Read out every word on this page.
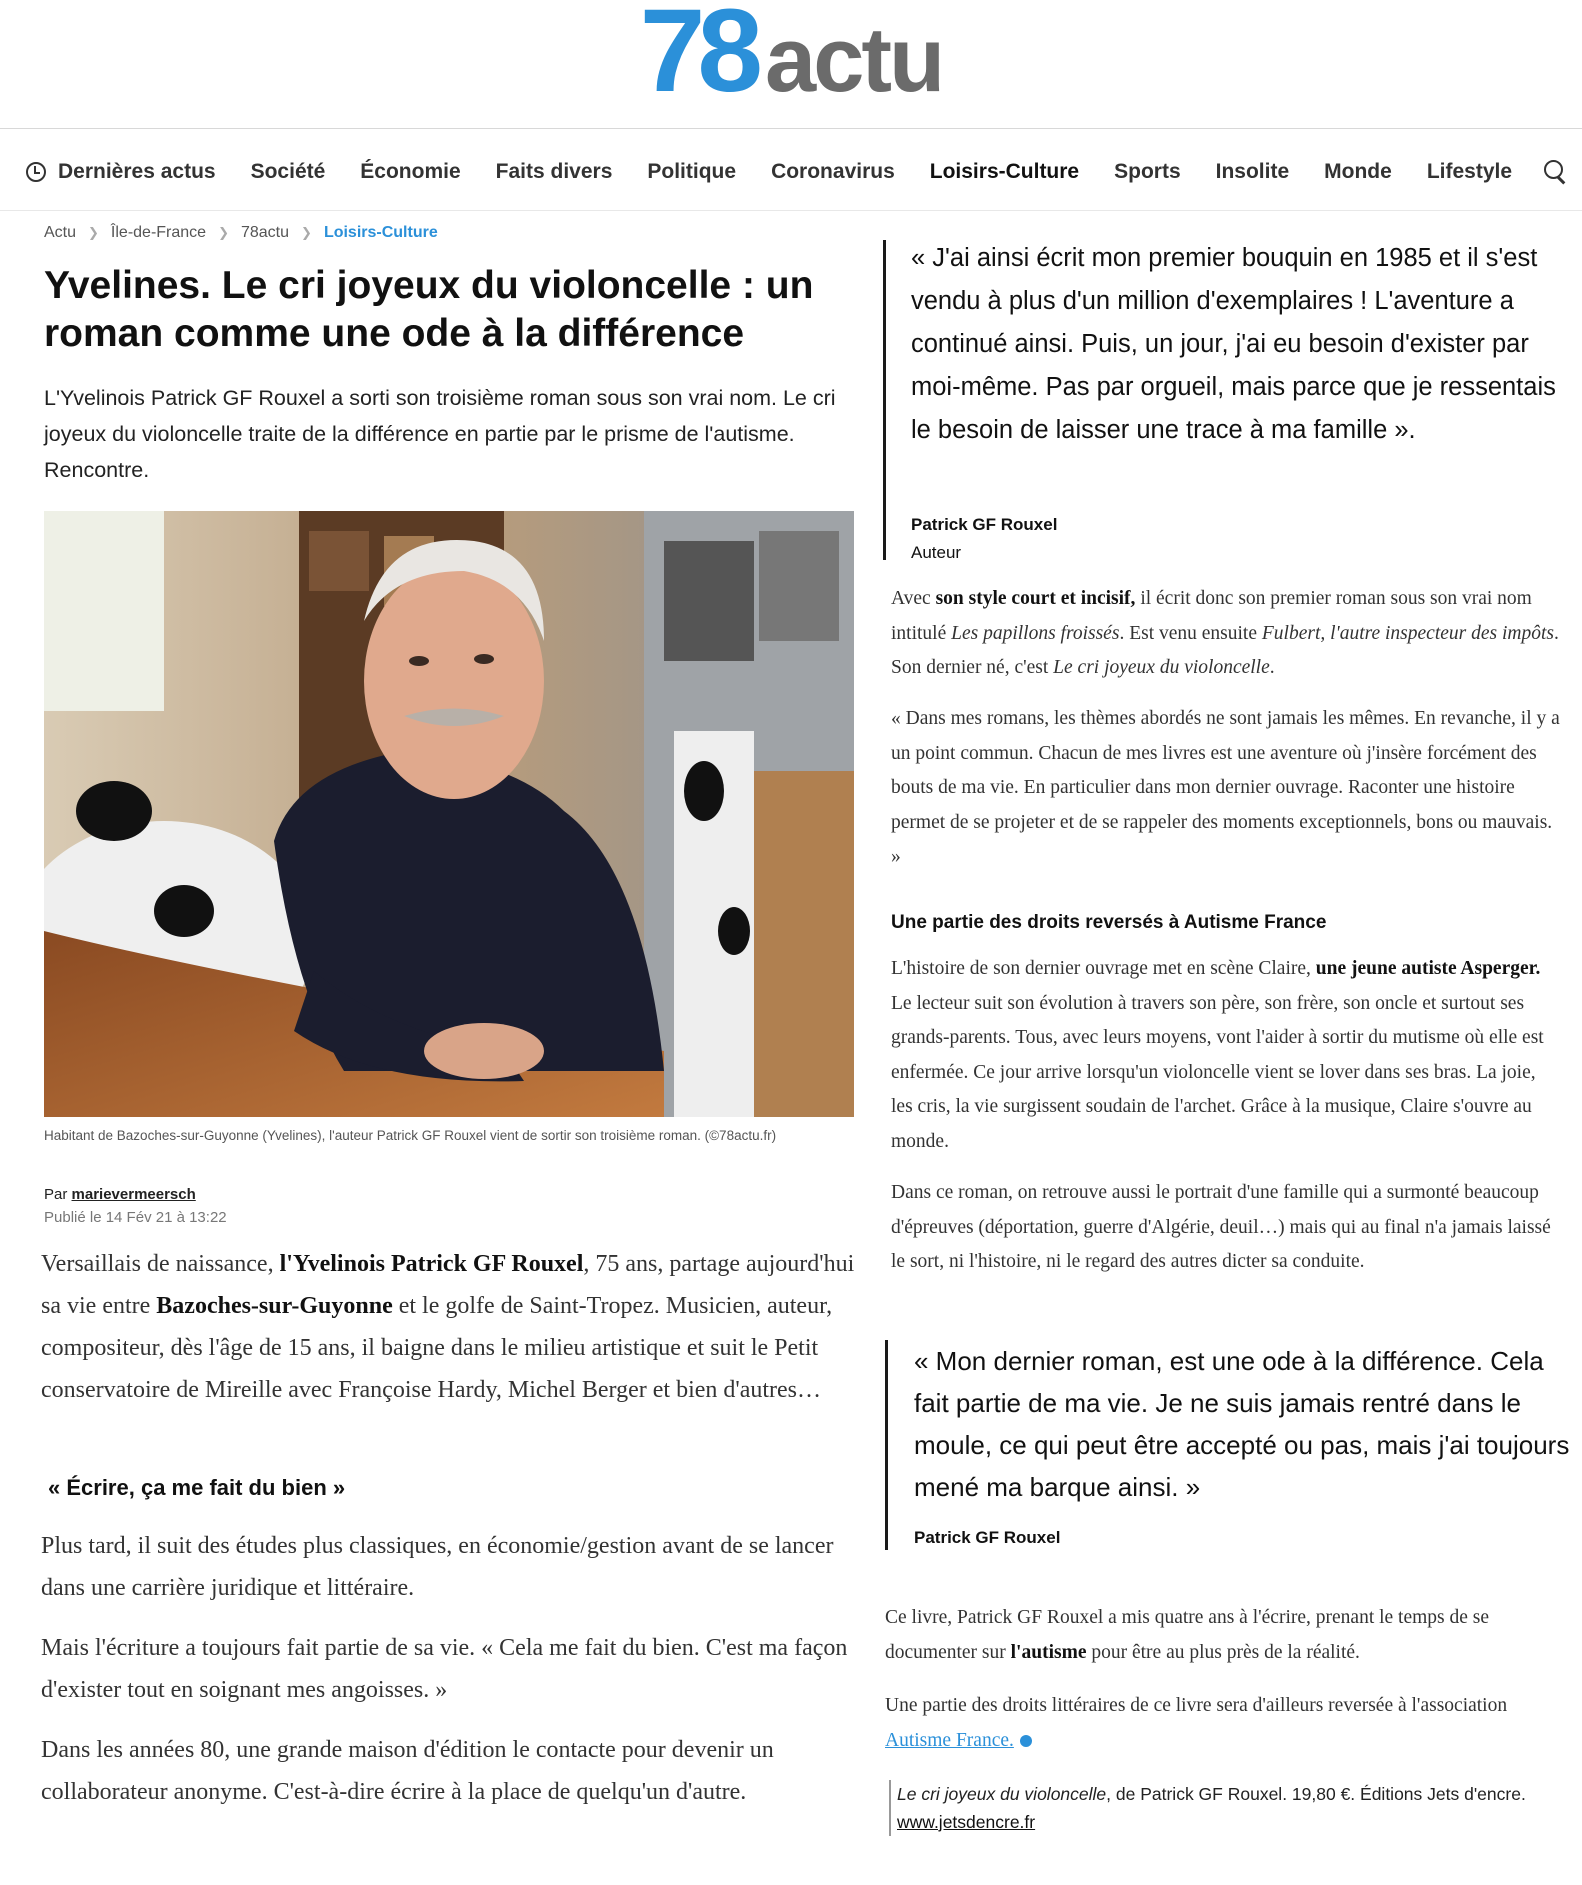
78 actu
Dernières actus Société Économie Faits divers Politique Coronavirus Loisirs-Culture Sports Insolite Monde Lifestyle
Actu ❯ Île-de-France ❯ 78actu ❯ Loisirs-Culture
Yvelines. Le cri joyeux du violoncelle : un roman comme une ode à la différence

L'Yvelinois Patrick GF Rouxel a sorti son troisième roman sous son vrai nom. Le cri joyeux du violoncelle traite de la différence en partie par le prisme de l'autisme. Rencontre.

Habitant de Bazoches-sur-Guyonne (Yvelines), l'auteur Patrick GF Rouxel vient de sortir son troisième roman. (©78actu.fr)

Par marievermeersch
Publié le 14 Fév 21 à 13:22

Versaillais de naissance, l'Yvelinois Patrick GF Rouxel, 75 ans, partage aujourd'hui sa vie entre Bazoches-sur-Guyonne et le golfe de Saint-Tropez. Musicien, auteur, compositeur, dès l'âge de 15 ans, il baigne dans le milieu artistique et suit le Petit conservatoire de Mireille avec Françoise Hardy, Michel Berger et bien d'autres…

« Écrire, ça me fait du bien »

Plus tard, il suit des études plus classiques, en économie/gestion avant de se lancer dans une carrière juridique et littéraire.

Mais l'écriture a toujours fait partie de sa vie. « Cela me fait du bien. C'est ma façon d'exister tout en soignant mes angoisses. »

Dans les années 80, une grande maison d'édition le contacte pour devenir un collaborateur anonyme. C'est-à-dire écrire à la place de quelqu'un d'autre.

« J'ai ainsi écrit mon premier bouquin en 1985 et il s'est vendu à plus d'un million d'exemplaires ! L'aventure a continué ainsi. Puis, un jour, j'ai eu besoin d'exister par moi-même. Pas par orgueil, mais parce que je ressentais le besoin de laisser une trace à ma famille ».
Patrick GF Rouxel
Auteur

Avec son style court et incisif, il écrit donc son premier roman sous son vrai nom intitulé Les papillons froissés. Est venu ensuite Fulbert, l'autre inspecteur des impôts. Son dernier né, c'est Le cri joyeux du violoncelle.

« Dans mes romans, les thèmes abordés ne sont jamais les mêmes. En revanche, il y a un point commun. Chacun de mes livres est une aventure où j'insère forcément des bouts de ma vie. En particulier dans mon dernier ouvrage. Raconter une histoire permet de se projeter et de se rappeler des moments exceptionnels, bons ou mauvais. »

Une partie des droits reversés à Autisme France

L'histoire de son dernier ouvrage met en scène Claire, une jeune autiste Asperger. Le lecteur suit son évolution à travers son père, son frère, son oncle et surtout ses grands-parents. Tous, avec leurs moyens, vont l'aider à sortir du mutisme où elle est enfermée. Ce jour arrive lorsqu'un violoncelle vient se lover dans ses bras. La joie, les cris, la vie surgissent soudain de l'archet. Grâce à la musique, Claire s'ouvre au monde.

Dans ce roman, on retrouve aussi le portrait d'une famille qui a surmonté beaucoup d'épreuves (déportation, guerre d'Algérie, deuil…) mais qui au final n'a jamais laissé le sort, ni l'histoire, ni le regard des autres dicter sa conduite.

« Mon dernier roman, est une ode à la différence. Cela fait partie de ma vie. Je ne suis jamais rentré dans le moule, ce qui peut être accepté ou pas, mais j'ai toujours mené ma barque ainsi. »
Patrick GF Rouxel

Ce livre, Patrick GF Rouxel a mis quatre ans à l'écrire, prenant le temps de se documenter sur l'autisme pour être au plus près de la réalité.

Une partie des droits littéraires de ce livre sera d'ailleurs reversée à l'association Autisme France.

Le cri joyeux du violoncelle, de Patrick GF Rouxel. 19,80 €. Éditions Jets d'encre.
www.jetsdencre.fr
